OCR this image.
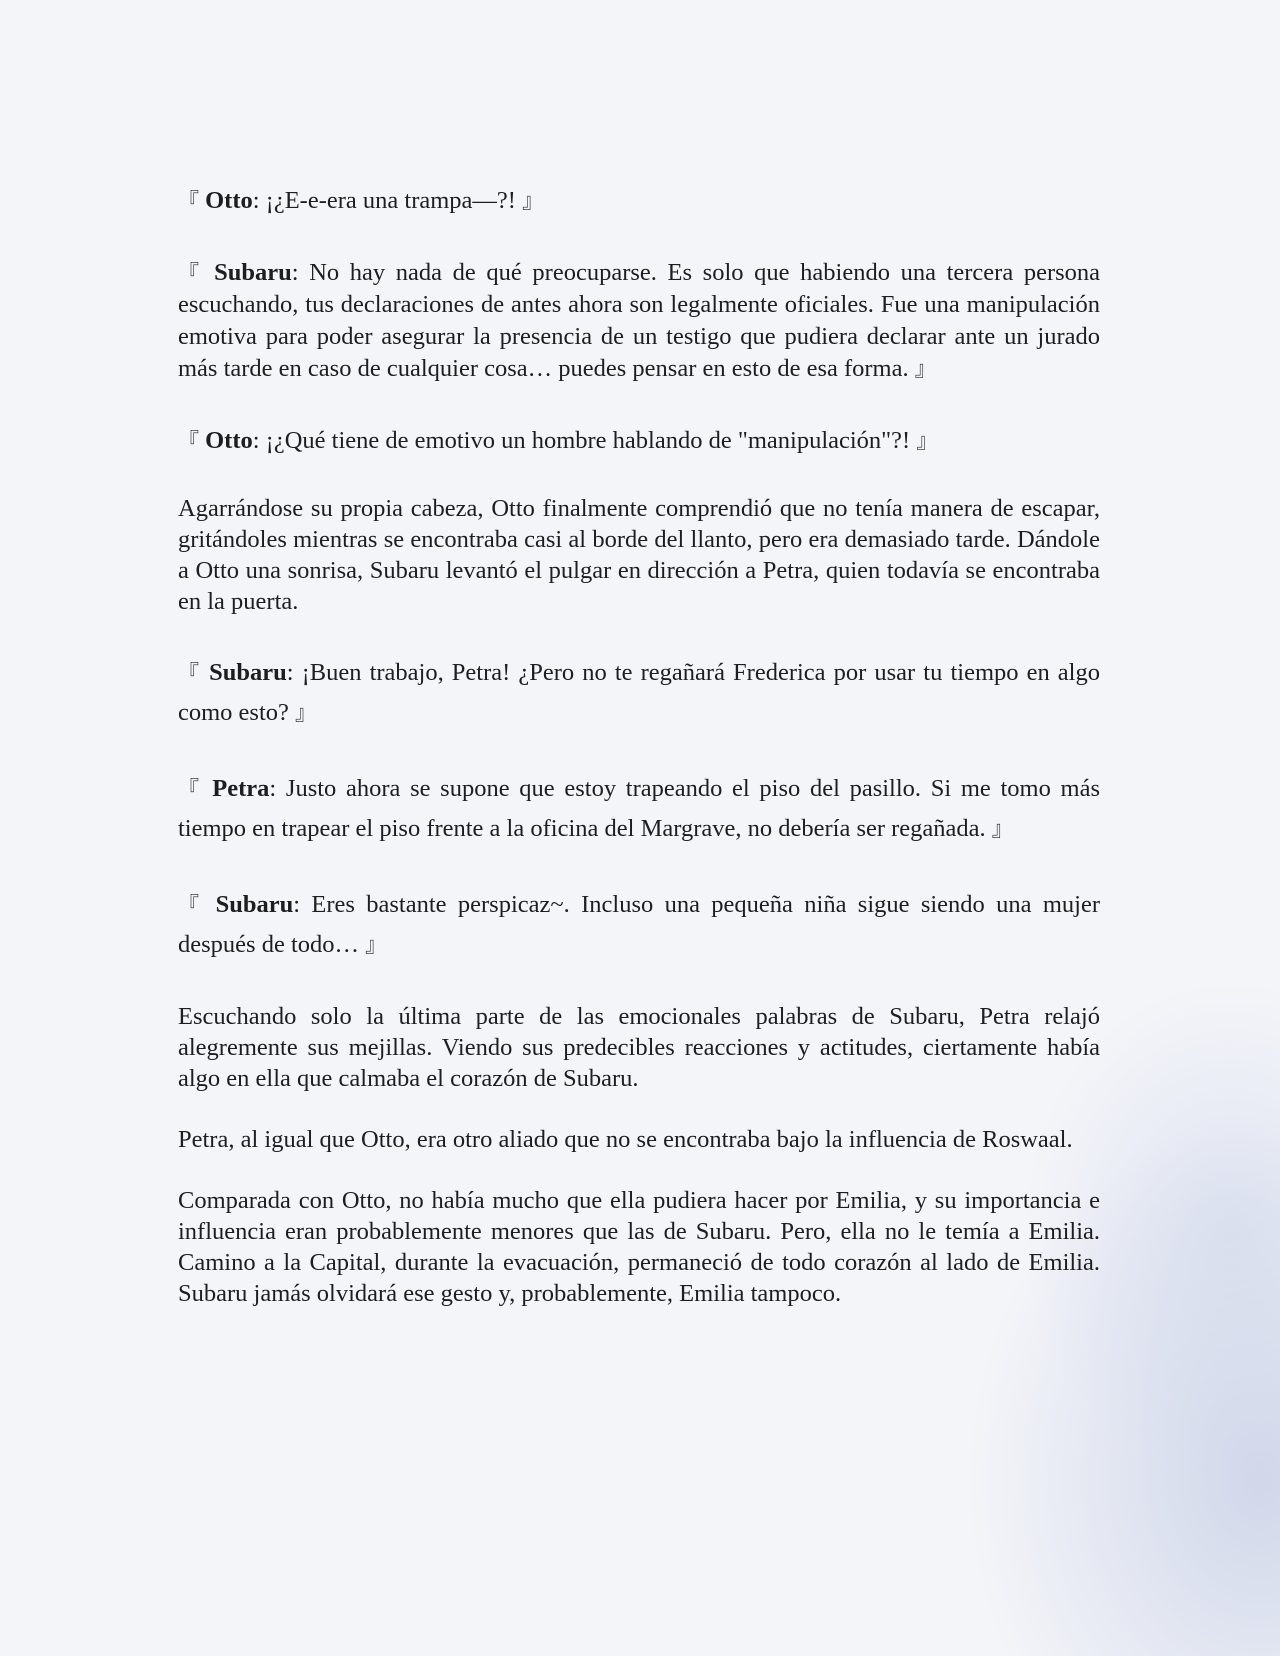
『 Otto: ¡¿E-e-era una trampa—?! 』

『 Subaru: No hay nada de qué preocuparse. Es solo que habiendo una tercera persona escuchando, tus declaraciones de antes ahora son legalmente oficiales. Fue una manipulación emotiva para poder asegurar la presencia de un testigo que pudiera declarar ante un jurado más tarde en caso de cualquier cosa… puedes pensar en esto de esa forma. 』

『 Otto: ¡¿Qué tiene de emotivo un hombre hablando de "manipulación"?! 』

Agarrándose su propia cabeza, Otto finalmente comprendió que no tenía manera de escapar, gritándoles mientras se encontraba casi al borde del llanto, pero era demasiado tarde. Dándole a Otto una sonrisa, Subaru levantó el pulgar en dirección a Petra, quien todavía se encontraba en la puerta.

『 Subaru: ¡Buen trabajo, Petra! ¿Pero no te regañará Frederica por usar tu tiempo en algo como esto? 』

『 Petra: Justo ahora se supone que estoy trapeando el piso del pasillo. Si me tomo más tiempo en trapear el piso frente a la oficina del Margrave, no debería ser regañada. 』

『 Subaru: Eres bastante perspicaz~. Incluso una pequeña niña sigue siendo una mujer después de todo… 』

Escuchando solo la última parte de las emocionales palabras de Subaru, Petra relajó alegremente sus mejillas. Viendo sus predecibles reacciones y actitudes, ciertamente había algo en ella que calmaba el corazón de Subaru.

Petra, al igual que Otto, era otro aliado que no se encontraba bajo la influencia de Roswaal.

Comparada con Otto, no había mucho que ella pudiera hacer por Emilia, y su importancia e influencia eran probablemente menores que las de Subaru. Pero, ella no le temía a Emilia. Camino a la Capital, durante la evacuación, permaneció de todo corazón al lado de Emilia. Subaru jamás olvidará ese gesto y, probablemente, Emilia tampoco.
